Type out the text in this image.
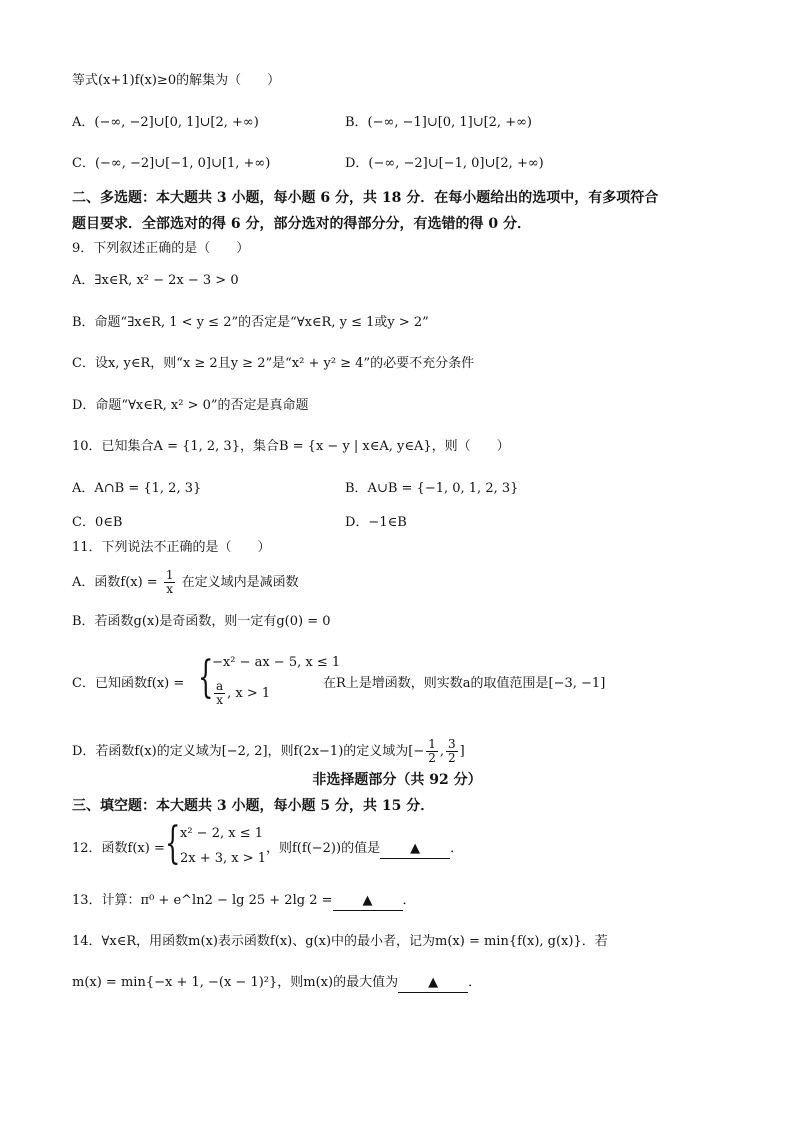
等式(x+1)f(x)≥0的解集为（　　）
A．(−∞, −2]∪[0, 1]∪[2, +∞)	B．(−∞, −1]∪[0, 1]∪[2, +∞)
C．(−∞, −2]∪[−1, 0]∪[1, +∞)	D．(−∞, −2]∪[−1, 0]∪[2, +∞)
二、多选题：本大题共 3 小题，每小题 6 分，共 18 分．在每小题给出的选项中，有多项符合
题目要求．全部选对的得 6 分，部分选对的得部分分，有选错的得 0 分．
9．下列叙述正确的是（　　）
A．∃x∈R, x² − 2x − 3 > 0
B．命题“∃x∈R, 1 < y ≤ 2”的否定是“∀x∈R, y ≤ 1或y > 2”
C．设x, y∈R，则“x ≥ 2且y ≥ 2”是“x² + y² ≥ 4”的必要不充分条件
D．命题“∀x∈R, x² > 0”的否定是真命题
10．已知集合A = {1, 2, 3}，集合B = {x − y | x∈A, y∈A}，则（　　）
A．A∩B = {1, 2, 3}	B．A∪B = {−1, 0, 1, 2, 3}
C．0∈B	D．−1∈B
11．下列说法不正确的是（　　）
A．函数$f(x) = \frac{1}{x}$ 在定义域内是减函数
B．若函数g(x)是奇函数，则一定有g(0) = 0
C．已知函数f(x) = {
−x² − ax − 5, x ≤ 1
$\frac{a}{x}$ , x > 1
在R上是增函数，则实数a的取值范围是[−3, −1]
D．若函数f(x)的定义域为[−2, 2]，则f(2x−1)的定义域为[− $\frac{1}{2}$ , $\frac{3}{2}$ ]
非选择题部分（共 92 分）
三、填空题：本大题共 3 小题，每小题 5 分，共 15 分．
12．函数f(x) = { x² − 2, x ≤ 1
2x + 3, x > 1
，则f(f(−2))的值是 ▲ ．
13．计算：π⁰ + e^ln2 − lg 25 + 2lg 2 = ▲ ．
14．∀x∈R，用函数m(x)表示函数f(x)、g(x)中的最小者，记为m(x) = min{f(x), g(x)}．若
m(x) = min{−x + 1, −(x − 1)²}，则m(x)的最大值为 ▲ ．
